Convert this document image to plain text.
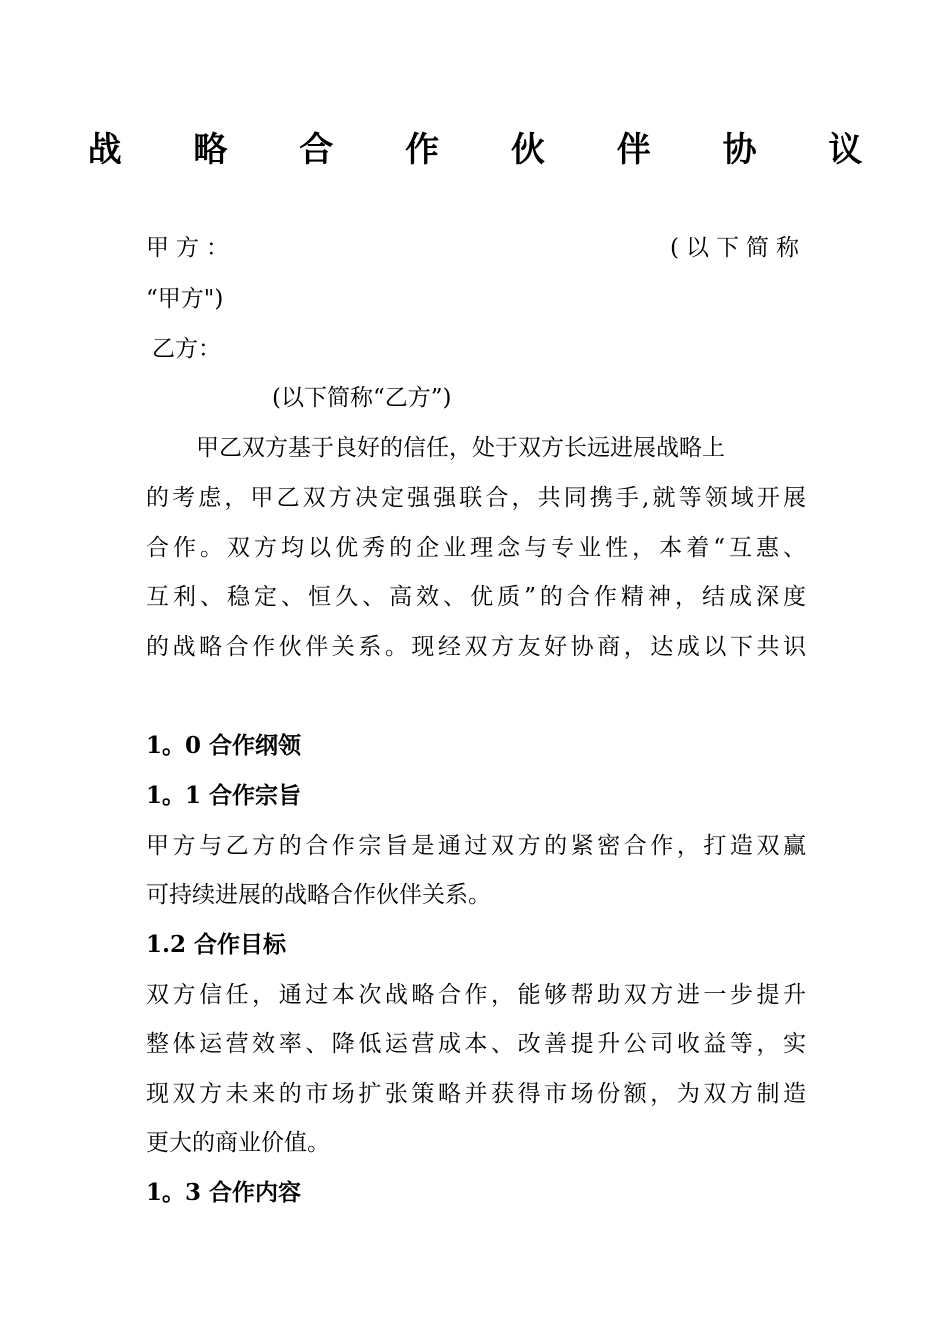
战 略 合 作 伙 伴 协 议
甲方：	(以下简称
“甲方")
乙方：
(以下简称“乙方”)
甲乙双方基于良好的信任，处于双方长远进展战略上
的考虑，甲乙双方决定强强联合，共同携手,就等领域开展
合作。双方均以优秀的企业理念与专业性，本着“互惠、
互利、稳定、恒久、高效、优质”的合作精神，结成深度
的战略合作伙伴关系。现经双方友好协商，达成以下共识
1。0 合作纲领
1。1 合作宗旨
甲方与乙方的合作宗旨是通过双方的紧密合作，打造双赢
可持续进展的战略合作伙伴关系。
1.2 合作目标
双方信任，通过本次战略合作，能够帮助双方进一步提升
整体运营效率、降低运营成本、改善提升公司收益等，实
现双方未来的市场扩张策略并获得市场份额，为双方制造
更大的商业价值。
1。3 合作内容
